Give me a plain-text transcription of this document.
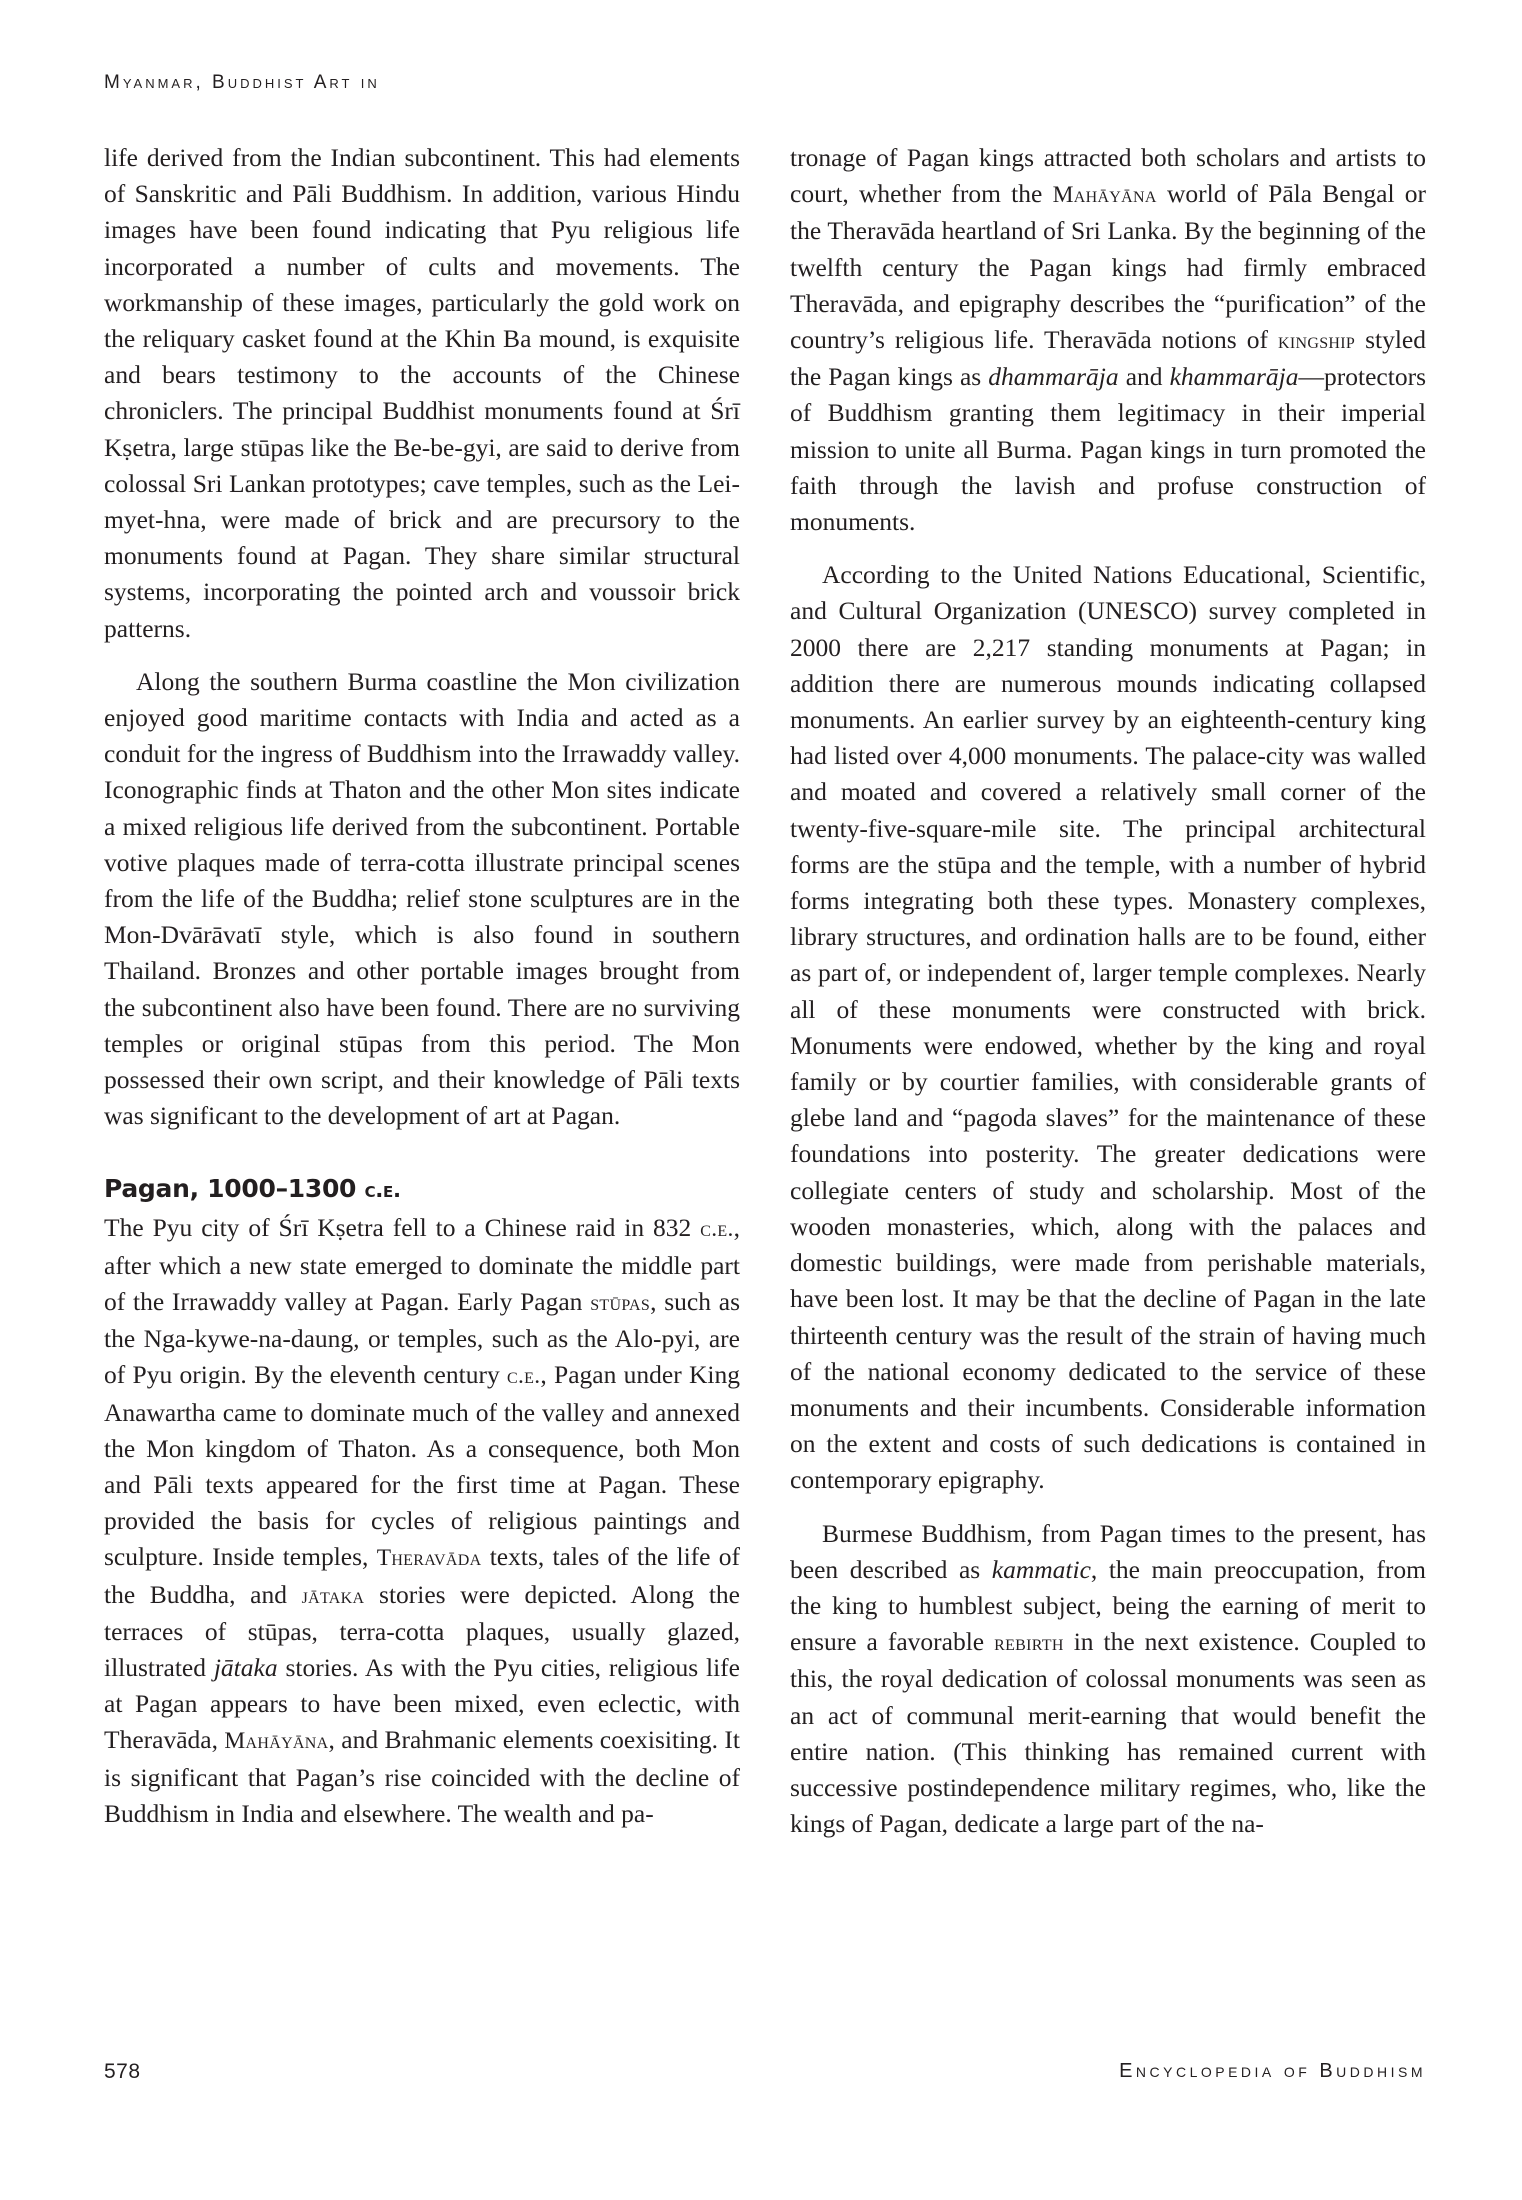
Myanmar, Buddhist Art in

life derived from the Indian subcontinent. This had elements of Sanskritic and Pāli Buddhism. In addition, various Hindu images have been found indicating that Pyu religious life incorporated a number of cults and movements. The workmanship of these images, particularly the gold work on the reliquary casket found at the Khin Ba mound, is exquisite and bears testimony to the accounts of the Chinese chroniclers. The principal Buddhist monuments found at Śrī Kṣetra, large stūpas like the Be-be-gyi, are said to derive from colossal Sri Lankan prototypes; cave temples, such as the Lei-myet-hna, were made of brick and are precursory to the monuments found at Pagan. They share similar structural systems, incorporating the pointed arch and voussoir brick patterns.

Along the southern Burma coastline the Mon civilization enjoyed good maritime contacts with India and acted as a conduit for the ingress of Buddhism into the Irrawaddy valley. Iconographic finds at Thaton and the other Mon sites indicate a mixed religious life derived from the subcontinent. Portable votive plaques made of terra-cotta illustrate principal scenes from the life of the Buddha; relief stone sculptures are in the Mon-Dvārāvatī style, which is also found in southern Thailand. Bronzes and other portable images brought from the subcontinent also have been found. There are no surviving temples or original stūpas from this period. The Mon possessed their own script, and their knowledge of Pāli texts was significant to the development of art at Pagan.

Pagan, 1000–1300 c.e.

The Pyu city of Śrī Kṣetra fell to a Chinese raid in 832 c.e., after which a new state emerged to dominate the middle part of the Irrawaddy valley at Pagan. Early Pagan stūpas, such as the Nga-kywe-na-daung, or temples, such as the Alo-pyi, are of Pyu origin. By the eleventh century c.e., Pagan under King Anawartha came to dominate much of the valley and annexed the Mon kingdom of Thaton. As a consequence, both Mon and Pāli texts appeared for the first time at Pagan. These provided the basis for cycles of religious paintings and sculpture. Inside temples, Theravāda texts, tales of the life of the Buddha, and jātaka stories were depicted. Along the terraces of stūpas, terra-cotta plaques, usually glazed, illustrated jātaka stories. As with the Pyu cities, religious life at Pagan appears to have been mixed, even eclectic, with Theravāda, Mahāyāna, and Brahmanic elements coexisiting. It is significant that Pagan’s rise coincided with the decline of Buddhism in India and elsewhere. The wealth and pa-

tronage of Pagan kings attracted both scholars and artists to court, whether from the Mahāyāna world of Pāla Bengal or the Theravāda heartland of Sri Lanka. By the beginning of the twelfth century the Pagan kings had firmly embraced Theravāda, and epigraphy describes the “purification” of the country’s religious life. Theravāda notions of kingship styled the Pagan kings as dhammarāja and khammarāja—protectors of Buddhism granting them legitimacy in their imperial mission to unite all Burma. Pagan kings in turn promoted the faith through the lavish and profuse construction of monuments.

According to the United Nations Educational, Scientific, and Cultural Organization (UNESCO) survey completed in 2000 there are 2,217 standing monuments at Pagan; in addition there are numerous mounds indicating collapsed monuments. An earlier survey by an eighteenth-century king had listed over 4,000 monuments. The palace-city was walled and moated and covered a relatively small corner of the twenty-five-square-mile site. The principal architectural forms are the stūpa and the temple, with a number of hybrid forms integrating both these types. Monastery complexes, library structures, and ordination halls are to be found, either as part of, or independent of, larger temple complexes. Nearly all of these monuments were constructed with brick. Monuments were endowed, whether by the king and royal family or by courtier families, with considerable grants of glebe land and “pagoda slaves” for the maintenance of these foundations into posterity. The greater dedications were collegiate centers of study and scholarship. Most of the wooden monasteries, which, along with the palaces and domestic buildings, were made from perishable materials, have been lost. It may be that the decline of Pagan in the late thirteenth century was the result of the strain of having much of the national economy dedicated to the service of these monuments and their incumbents. Considerable information on the extent and costs of such dedications is contained in contemporary epigraphy.

Burmese Buddhism, from Pagan times to the present, has been described as kammatic, the main preoccupation, from the king to humblest subject, being the earning of merit to ensure a favorable rebirth in the next existence. Coupled to this, the royal dedication of colossal monuments was seen as an act of communal merit-earning that would benefit the entire nation. (This thinking has remained current with successive postindependence military regimes, who, like the kings of Pagan, dedicate a large part of the na-

578	Encyclopedia of Buddhism
